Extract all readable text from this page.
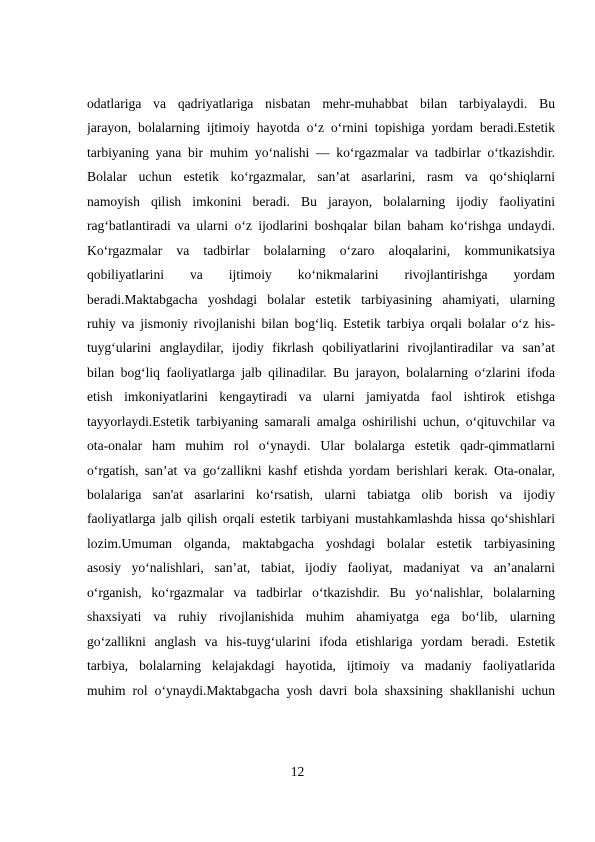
odatlariga va qadriyatlariga nisbatan mehr-muhabbat bilan tarbiyalaydi. Bu
jarayon, bolalarning ijtimoiy hayotda o‘z o‘rnini topishiga yordam beradi.Estetik
tarbiyaning yana bir muhim yo‘nalishi — ko‘rgazmalar va tadbirlar o‘tkazishdir.
Bolalar uchun estetik ko‘rgazmalar, san’at asarlarini, rasm va qo‘shiqlarni
namoyish qilish imkonini beradi. Bu jarayon, bolalarning ijodiy faoliyatini
rag‘batlantiradi va ularni o‘z ijodlarini boshqalar bilan baham ko‘rishga undaydi.
Ko‘rgazmalar va tadbirlar bolalarning o‘zaro aloqalarini, kommunikatsiya
qobiliyatlarini va ijtimoiy ko‘nikmalarini rivojlantirishga yordam
beradi.Maktabgacha yoshdagi bolalar estetik tarbiyasining ahamiyati, ularning
ruhiy va jismoniy rivojlanishi bilan bog‘liq. Estetik tarbiya orqali bolalar o‘z his-
tuyg‘ularini anglaydilar, ijodiy fikrlash qobiliyatlarini rivojlantiradilar va san’at
bilan bog‘liq faoliyatlarga jalb qilinadilar. Bu jarayon, bolalarning o‘zlarini ifoda
etish imkoniyatlarini kengaytiradi va ularni jamiyatda faol ishtirok etishga
tayyorlaydi.Estetik tarbiyaning samarali amalga oshirilishi uchun, o‘qituvchilar va
ota-onalar ham muhim rol o‘ynaydi. Ular bolalarga estetik qadr-qimmatlarni
o‘rgatish, san’at va go‘zallikni kashf etishda yordam berishlari kerak. Ota-onalar,
bolalariga san'at asarlarini ko‘rsatish, ularni tabiatga olib borish va ijodiy
faoliyatlarga jalb qilish orqali estetik tarbiyani mustahkamlashda hissa qo‘shishlari
lozim.Umuman olganda, maktabgacha yoshdagi bolalar estetik tarbiyasining
asosiy yo‘nalishlari, san’at, tabiat, ijodiy faoliyat, madaniyat va an’analarni
o‘rganish, ko‘rgazmalar va tadbirlar o‘tkazishdir. Bu yo‘nalishlar, bolalarning
shaxsiyati va ruhiy rivojlanishida muhim ahamiyatga ega bo‘lib, ularning
go‘zallikni anglash va his-tuyg‘ularini ifoda etishlariga yordam beradi. Estetik
tarbiya, bolalarning kelajakdagi hayotida, ijtimoiy va madaniy faoliyatlarida
muhim rol o‘ynaydi.Maktabgacha yosh davri bola shaxsining shakllanishi uchun
12
